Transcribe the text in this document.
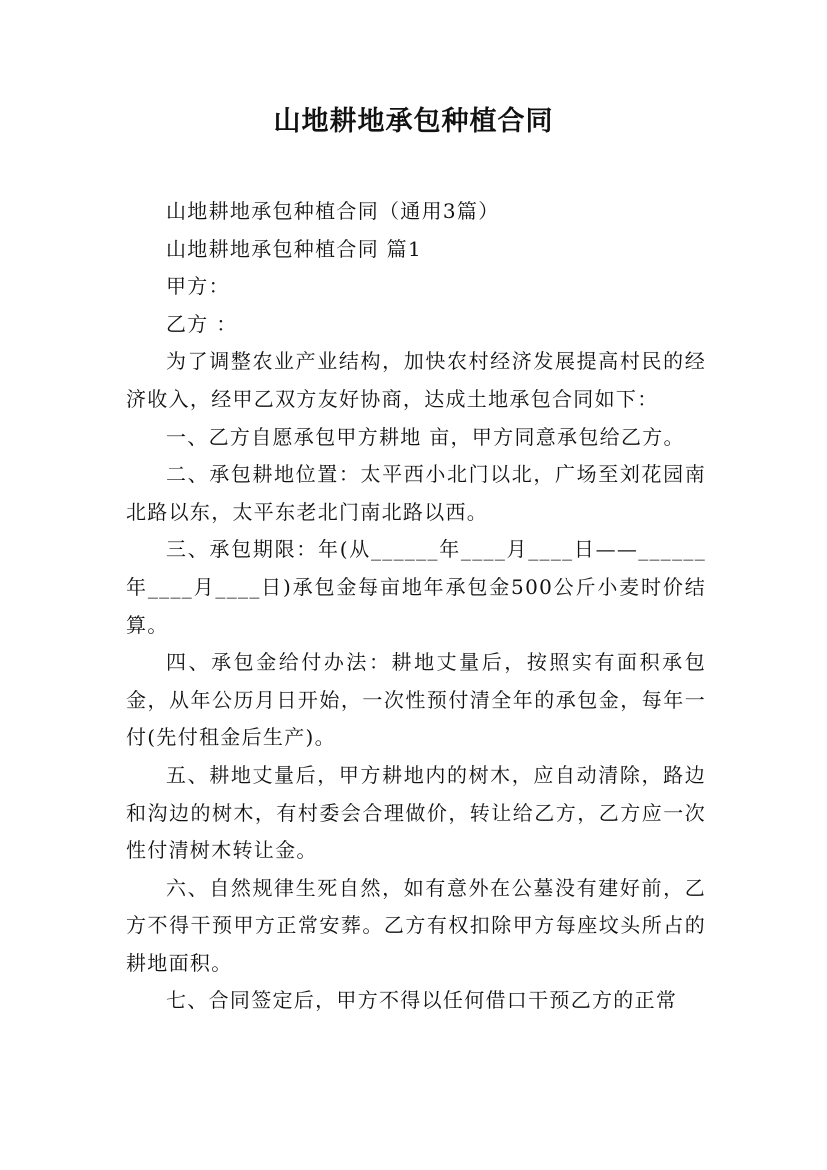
山地耕地承包种植合同

山地耕地承包种植合同（通用3篇）

山地耕地承包种植合同 篇1

甲方：

乙方 ：

为了调整农业产业结构，加快农村经济发展提高村民的经济收入，经甲乙双方友好协商，达成土地承包合同如下：

一、乙方自愿承包甲方耕地 亩，甲方同意承包给乙方。

二、承包耕地位置：太平西小北门以北，广场至刘花园南北路以东，太平东老北门南北路以西。

三、承包期限：年(从______年____月____日——______年____月____日)承包金每亩地年承包金500公斤小麦时价结算。

四、承包金给付办法：耕地丈量后，按照实有面积承包金，从年公历月日开始，一次性预付清全年的承包金，每年一付(先付租金后生产)。

五、耕地丈量后，甲方耕地内的树木，应自动清除，路边和沟边的树木，有村委会合理做价，转让给乙方，乙方应一次性付清树木转让金。

六、自然规律生死自然，如有意外在公墓没有建好前，乙方不得干预甲方正常安葬。乙方有权扣除甲方每座坟头所占的耕地面积。

七、合同签定后，甲方不得以任何借口干预乙方的正常
